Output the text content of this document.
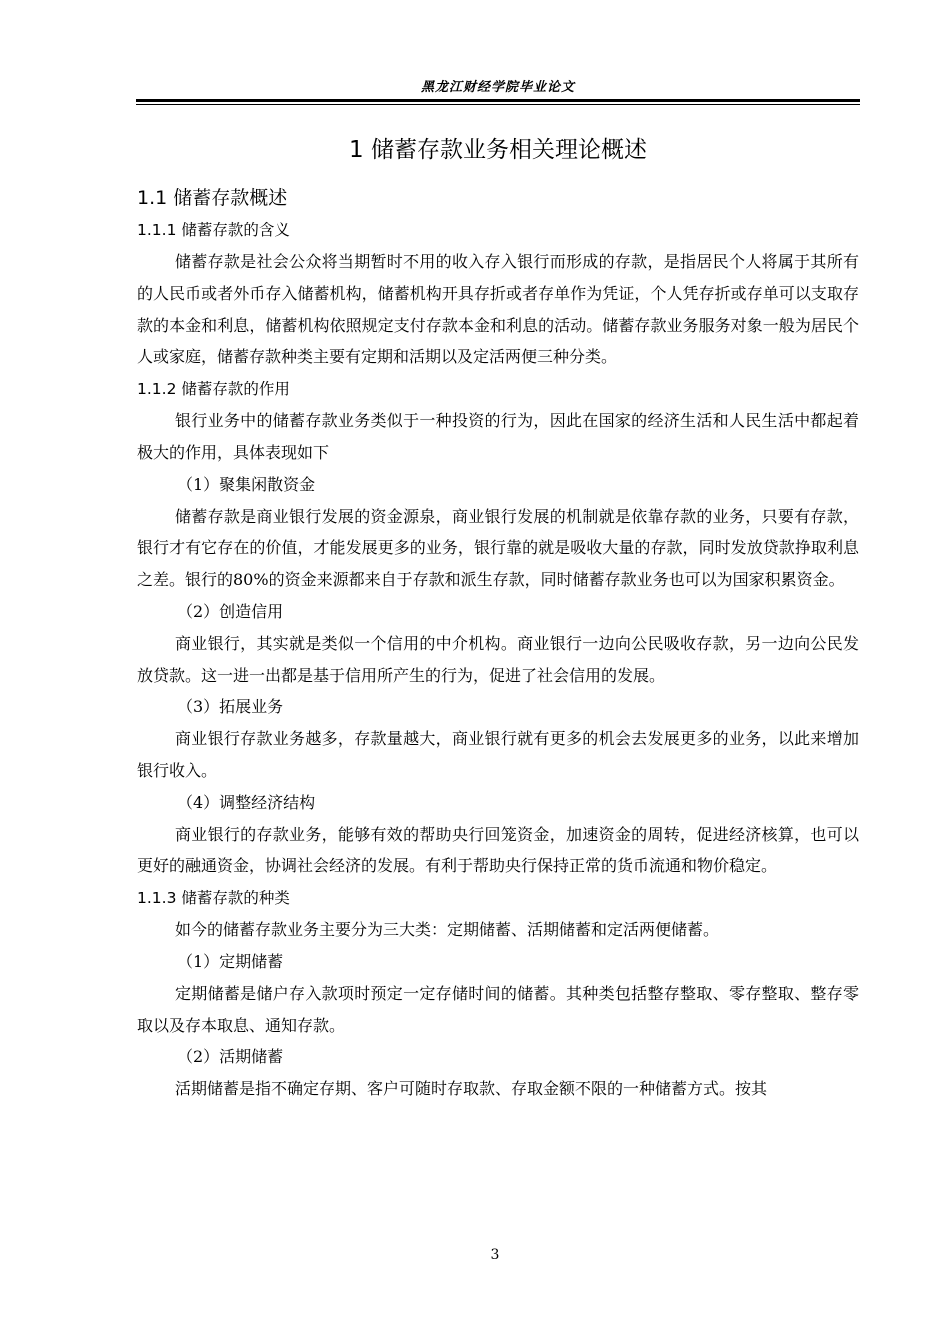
黑龙江财经学院毕业论文
1 储蓄存款业务相关理论概述
1.1 储蓄存款概述
1.1.1 储蓄存款的含义

储蓄存款是社会公众将当期暂时不用的收入存入银行而形成的存款，是指居民个人将属于其所有的人民币或者外币存入储蓄机构，储蓄机构开具存折或者存单作为凭证，个人凭存折或存单可以支取存款的本金和利息，储蓄机构依照规定支付存款本金和利息的活动。储蓄存款业务服务对象一般为居民个人或家庭，储蓄存款种类主要有定期和活期以及定活两便三种分类。

1.1.2 储蓄存款的作用

银行业务中的储蓄存款业务类似于一种投资的行为，因此在国家的经济生活和人民生活中都起着极大的作用，具体表现如下

（1）聚集闲散资金

储蓄存款是商业银行发展的资金源泉，商业银行发展的机制就是依靠存款的业务，只要有存款，银行才有它存在的价值，才能发展更多的业务，银行靠的就是吸收大量的存款，同时发放贷款挣取利息之差。银行的80%的资金来源都来自于存款和派生存款，同时储蓄存款业务也可以为国家积累资金。

（2）创造信用

商业银行，其实就是类似一个信用的中介机构。商业银行一边向公民吸收存款，另一边向公民发放贷款。这一进一出都是基于信用所产生的行为，促进了社会信用的发展。

（3）拓展业务

商业银行存款业务越多，存款量越大，商业银行就有更多的机会去发展更多的业务，以此来增加银行收入。

（4）调整经济结构

商业银行的存款业务，能够有效的帮助央行回笼资金，加速资金的周转，促进经济核算，也可以更好的融通资金，协调社会经济的发展。有利于帮助央行保持正常的货币流通和物价稳定。

1.1.3 储蓄存款的种类

如今的储蓄存款业务主要分为三大类：定期储蓄、活期储蓄和定活两便储蓄。

（1）定期储蓄

定期储蓄是储户存入款项时预定一定存储时间的储蓄。其种类包括整存整取、零存整取、整存零取以及存本取息、通知存款。

（2）活期储蓄

活期储蓄是指不确定存期、客户可随时存取款、存取金额不限的一种储蓄方式。按其

3
